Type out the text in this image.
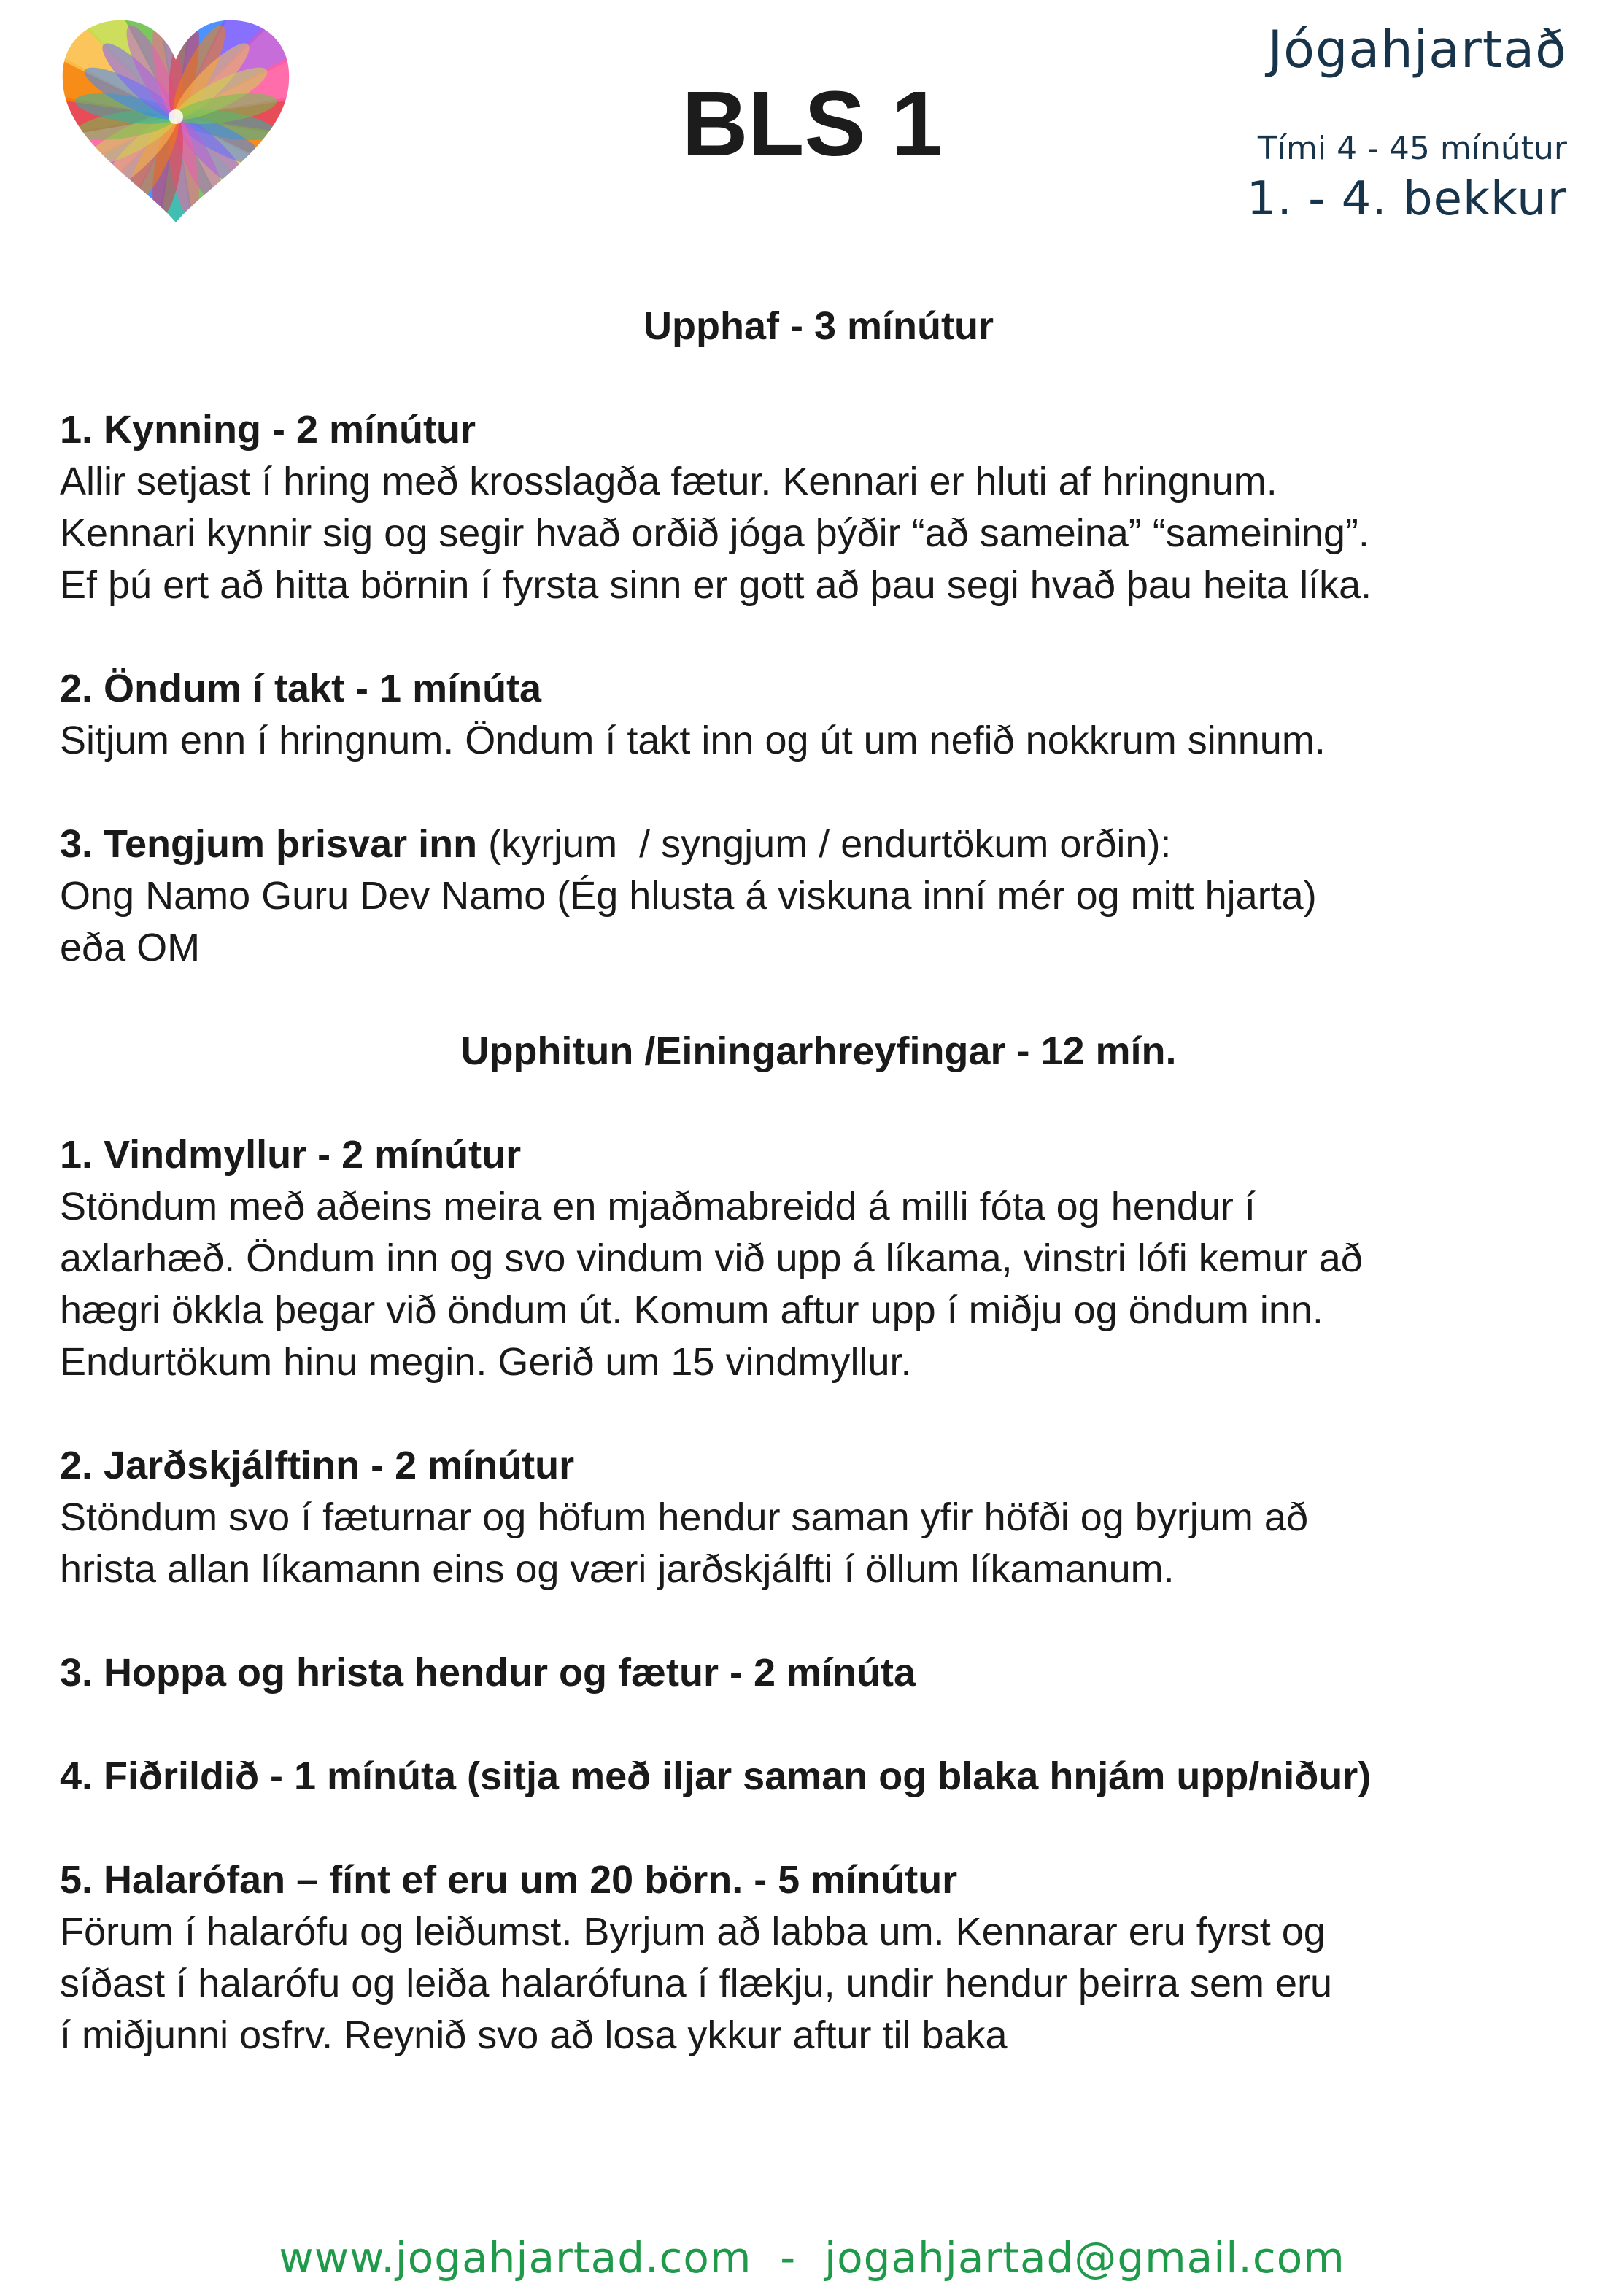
BLS 1
Jógahjartað
Tími 4 - 45 mínútur
1. - 4. bekkur
Upphaf - 3 mínútur
1. Kynning - 2 mínútur
Allir setjast í hring með krosslagða fætur. Kennari er hluti af hringnum.
Kennari kynnir sig og segir hvað orðið jóga þýðir “að sameina” “sameining”.
Ef þú ert að hitta börnin í fyrsta sinn er gott að þau segi hvað þau heita líka.
2. Öndum í takt - 1 mínúta
Sitjum enn í hringnum. Öndum í takt inn og út um nefið nokkrum sinnum.
3. Tengjum þrisvar inn (kyrjum  / syngjum / endurtökum orðin):
Ong Namo Guru Dev Namo (Ég hlusta á viskuna inní mér og mitt hjarta)
eða OM
Upphitun /Einingarhreyfingar - 12 mín.
1. Vindmyllur - 2 mínútur
Stöndum með aðeins meira en mjaðmabreidd á milli fóta og hendur í
axlarhæð. Öndum inn og svo vindum við upp á líkama, vinstri lófi kemur að
hægri ökkla þegar við öndum út. Komum aftur upp í miðju og öndum inn.
Endurtökum hinu megin. Gerið um 15 vindmyllur.
2. Jarðskjálftinn - 2 mínútur
Stöndum svo í fæturnar og höfum hendur saman yfir höfði og byrjum að
hrista allan líkamann eins og væri jarðskjálfti í öllum líkamanum.
3. Hoppa og hrista hendur og fætur - 2 mínúta
4. Fiðrildið - 1 mínúta (sitja með iljar saman og blaka hnjám upp/niður)
5. Halarófan – fínt ef eru um 20 börn. - 5 mínútur
Förum í halarófu og leiðumst. Byrjum að labba um. Kennarar eru fyrst og
síðast í halarófu og leiða halarófuna í flækju, undir hendur þeirra sem eru
í miðjunni osfrv. Reynið svo að losa ykkur aftur til baka
www.jogahjartad.com  -  jogahjartad@gmail.com
